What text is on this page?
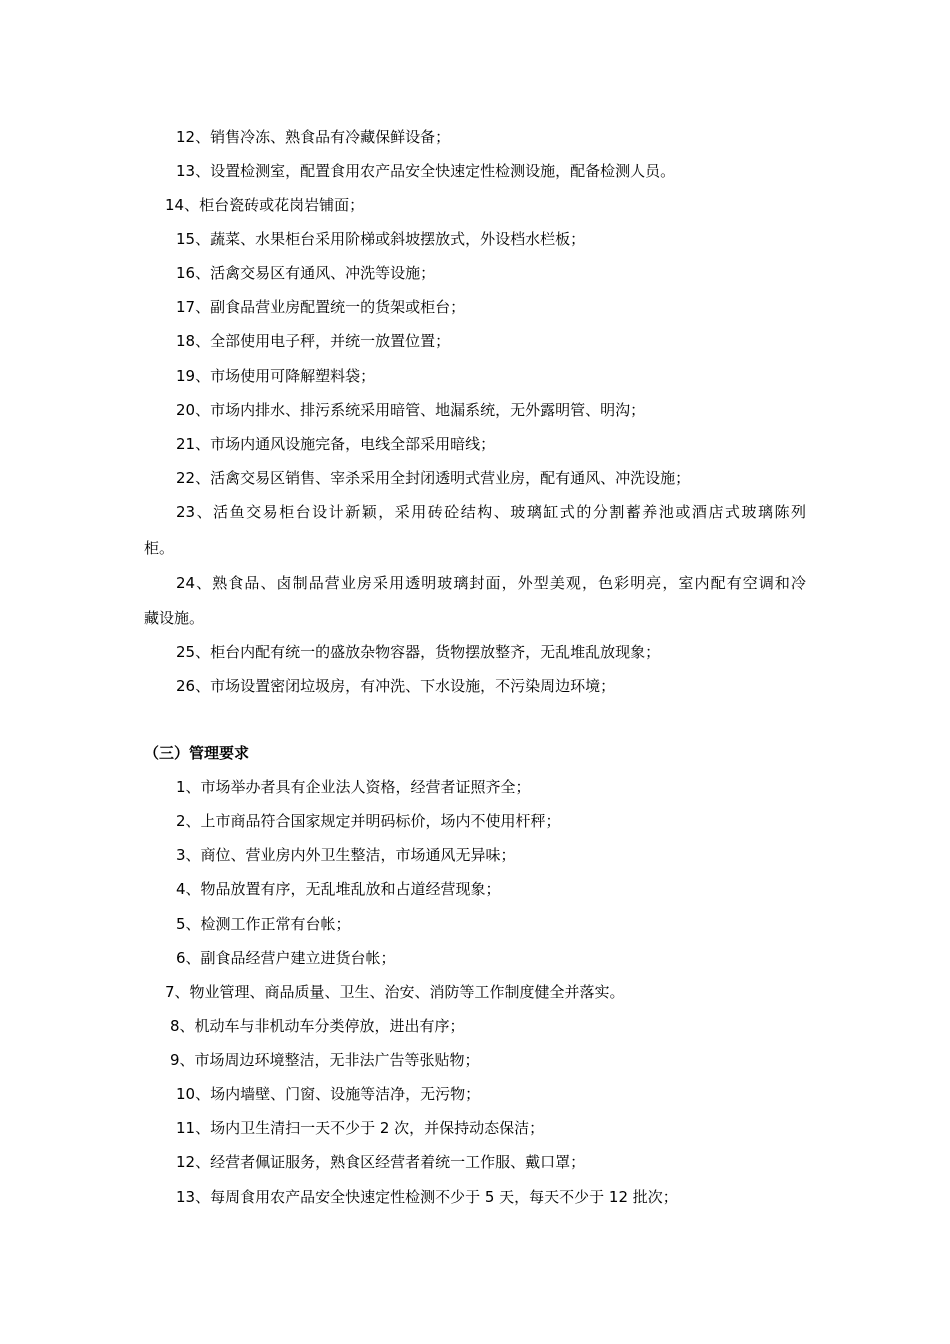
12、销售冷冻、熟食品有冷藏保鲜设备；
13、设置检测室，配置食用农产品安全快速定性检测设施，配备检测人员。
14、柜台瓷砖或花岗岩铺面；
15、蔬菜、水果柜台采用阶梯或斜坡摆放式，外设档水栏板；
16、活禽交易区有通风、冲洗等设施；
17、副食品营业房配置统一的货架或柜台；
18、全部使用电子秤，并统一放置位置；
19、市场使用可降解塑料袋；
20、市场内排水、排污系统采用暗管、地漏系统，无外露明管、明沟；
21、市场内通风设施完备，电线全部采用暗线；
22、活禽交易区销售、宰杀采用全封闭透明式营业房，配有通风、冲洗设施；
23、活鱼交易柜台设计新颖，采用砖砼结构、玻璃缸式的分割蓄养池或酒店式玻璃陈列
柜。
24、熟食品、卤制品营业房采用透明玻璃封面，外型美观，色彩明亮，室内配有空调和冷
藏设施。
25、柜台内配有统一的盛放杂物容器，货物摆放整齐，无乱堆乱放现象；
26、市场设置密闭垃圾房，有冲洗、下水设施，不污染周边环境；
（三）管理要求
1、市场举办者具有企业法人资格，经营者证照齐全；
2、上市商品符合国家规定并明码标价，场内不使用杆秤；
3、商位、营业房内外卫生整洁，市场通风无异味；
4、物品放置有序，无乱堆乱放和占道经营现象；
5、检测工作正常有台帐；
6、副食品经营户建立进货台帐；
7、物业管理、商品质量、卫生、治安、消防等工作制度健全并落实。
8、机动车与非机动车分类停放，进出有序；
9、市场周边环境整洁，无非法广告等张贴物；
10、场内墙壁、门窗、设施等洁净，无污物；
11、场内卫生清扫一天不少于 2 次，并保持动态保洁；
12、经营者佩证服务，熟食区经营者着统一工作服、戴口罩；
13、每周食用农产品安全快速定性检测不少于 5 天，每天不少于 12 批次；
